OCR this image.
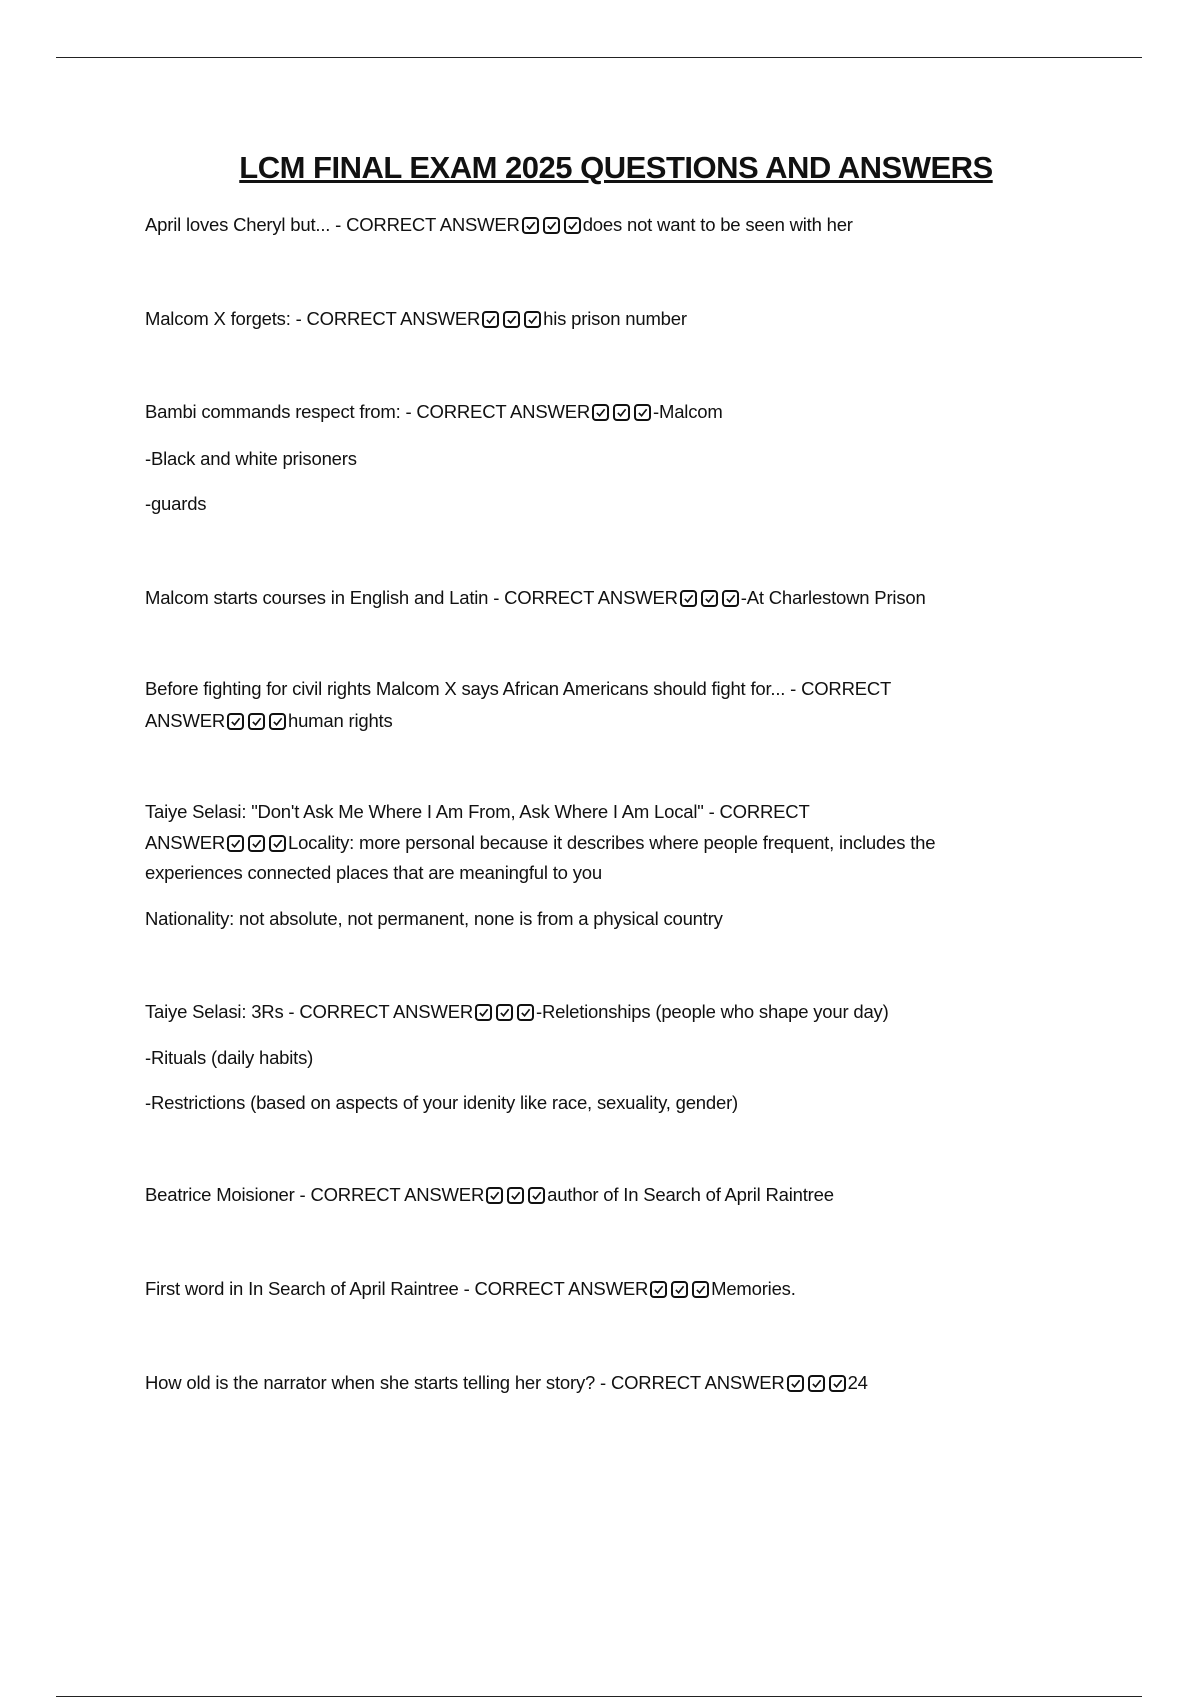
LCM FINAL EXAM 2025 QUESTIONS AND ANSWERS
April loves Cheryl but... - CORRECT ANSWER	does not want to be seen with her
Malcom X forgets: - CORRECT ANSWER	his prison number
Bambi commands respect from: - CORRECT ANSWER	-Malcom
-Black and white prisoners
-guards
Malcom starts courses in English and Latin - CORRECT ANSWER	-At Charlestown Prison
Before fighting for civil rights Malcom X says African Americans should fight for... - CORRECT
ANSWER	human rights
Taiye Selasi: "Don't Ask Me Where I Am From, Ask Where I Am Local" - CORRECT
ANSWER	Locality: more personal because it describes where people frequent, includes the
experiences connected places that are meaningful to you
Nationality: not absolute, not permanent, none is from a physical country
Taiye Selasi: 3Rs - CORRECT ANSWER	-Reletionships (people who shape your day)
-Rituals (daily habits)
-Restrictions (based on aspects of your idenity like race, sexuality, gender)
Beatrice Moisioner - CORRECT ANSWER	author of In Search of April Raintree
First word in In Search of April Raintree - CORRECT ANSWER	Memories.
How old is the narrator when she starts telling her story? - CORRECT ANSWER	24
